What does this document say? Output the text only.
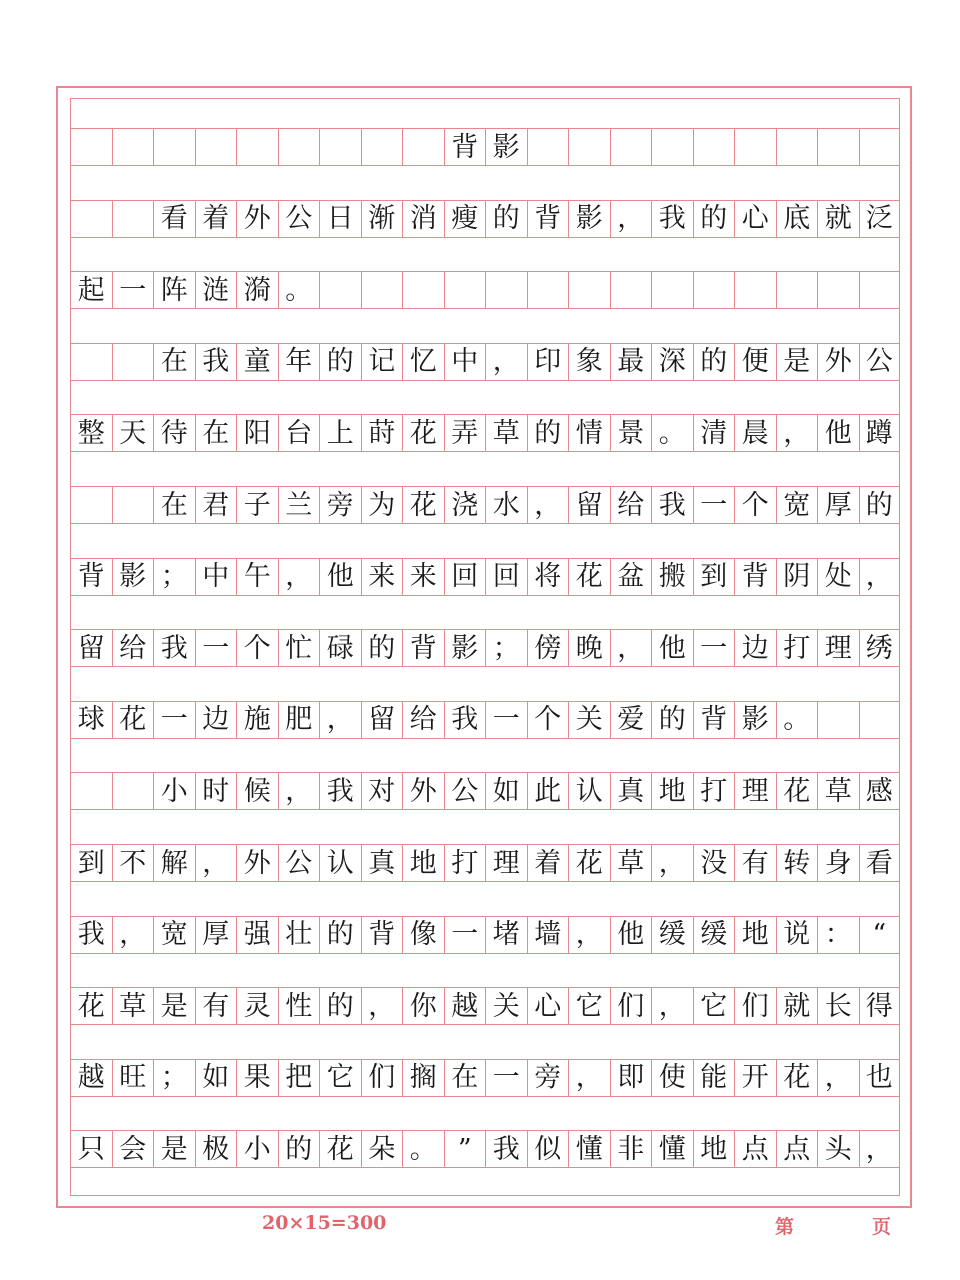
背 影
看 着 外 公 日 渐 消 瘦 的 背 影 ， 我 的 心 底 就 泛
起 一 阵 涟 漪 。
在 我 童 年 的 记 忆 中 ， 印 象 最 深 的 便 是 外 公
整 天 待 在 阳 台 上 莳 花 弄 草 的 情 景 。 清 晨 ， 他 蹲
在 君 子 兰 旁 为 花 浇 水 ， 留 给 我 一 个 宽 厚 的
背 影 ； 中 午 ， 他 来 来 回 回 将 花 盆 搬 到 背 阴 处 ，
留 给 我 一 个 忙 碌 的 背 影 ； 傍 晚 ， 他 一 边 打 理 绣
球 花 一 边 施 肥 ， 留 给 我 一 个 关 爱 的 背 影 。
小 时 候 ， 我 对 外 公 如 此 认 真 地 打 理 花 草 感
到 不 解 ， 外 公 认 真 地 打 理 着 花 草 ， 没 有 转 身 看
我 ， 宽 厚 强 壮 的 背 像 一 堵 墙 ， 他 缓 缓 地 说 ： “
花 草 是 有 灵 性 的 ， 你 越 关 心 它 们 ， 它 们 就 长 得
越 旺 ； 如 果 把 它 们 搁 在 一 旁 ， 即 使 能 开 花 ， 也
只 会 是 极 小 的 花 朵 。 ” 我 似 懂 非 懂 地 点 点 头 ，
20×15=300	第	页
